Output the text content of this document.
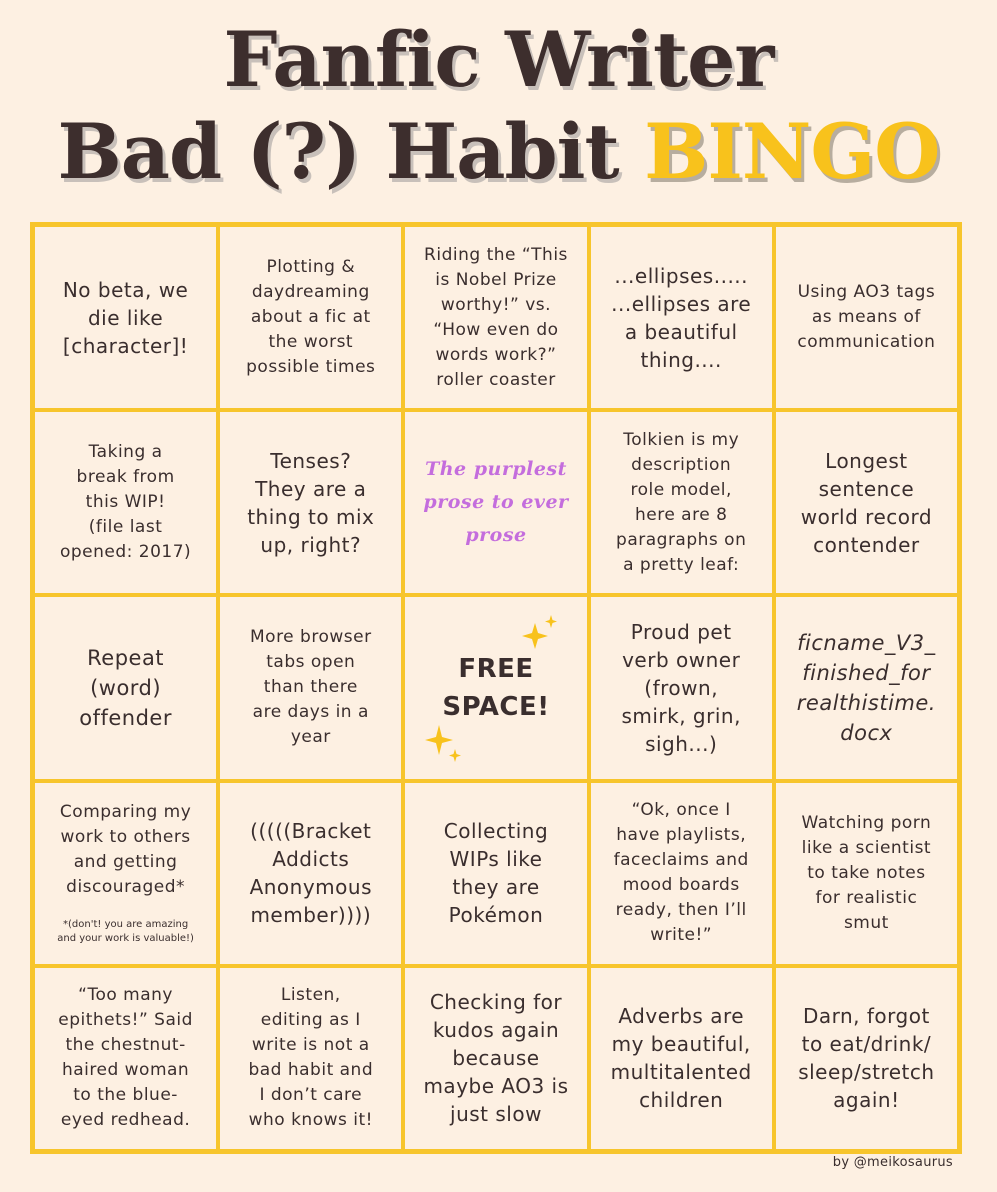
Fanfic Writer
Bad (?) Habit BINGO
No beta, we
die like
[character]!
Plotting &
daydreaming
about a fic at
the worst
possible times
Riding the “This
is Nobel Prize
worthy!” vs.
“How even do
words work?”
roller coaster
...ellipses.....
...ellipses are
a beautiful
thing....
Using AO3 tags
as means of
communication
Taking a
break from
this WIP!
(file last
opened: 2017)
Tenses?
They are a
thing to mix
up, right?
The purplest
prose to ever
prose
Tolkien is my
description
role model,
here are 8
paragraphs on
a pretty leaf:
Longest
sentence
world record
contender
Repeat
(word)
offender
More browser
tabs open
than there
are days in a
year
FREE
SPACE!
Proud pet
verb owner
(frown,
smirk, grin,
sigh...)
ficname_V3_
finished_for
realthistime.
docx
Comparing my
work to others
and getting
discouraged*
*(don't! you are amazing
and your work is valuable!)
(((((Bracket
Addicts
Anonymous
member))))
Collecting
WIPs like
they are
Pokémon
“Ok, once I
have playlists,
faceclaims and
mood boards
ready, then I’ll
write!”
Watching porn
like a scientist
to take notes
for realistic
smut
“Too many
epithets!” Said
the chestnut-
haired woman
to the blue-
eyed redhead.
Listen,
editing as I
write is not a
bad habit and
I don’t care
who knows it!
Checking for
kudos again
because
maybe AO3 is
just slow
Adverbs are
my beautiful,
multitalented
children
Darn, forgot
to eat/drink/
sleep/stretch
again!
by @meikosaurus
